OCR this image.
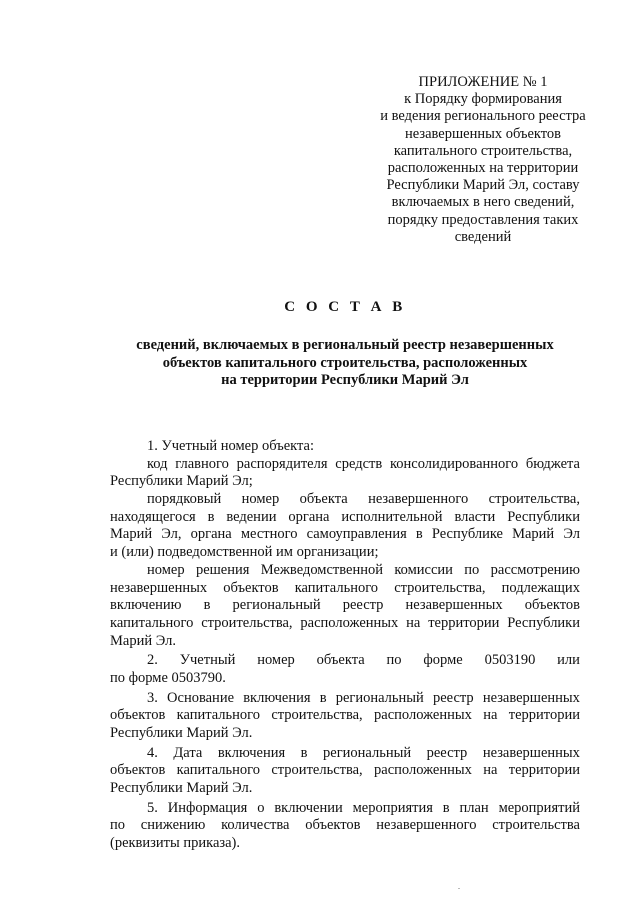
ПРИЛОЖЕНИЕ № 1
к Порядку формирования
и ведения регионального реестра
незавершенных объектов
капитального строительства,
расположенных на территории
Республики Марий Эл, составу
включаемых в него сведений,
порядку предоставления таких
сведений
С О С Т А В
сведений, включаемых в региональный реестр незавершенных
объектов капитального строительства, расположенных
на территории Республики Марий Эл
1. Учетный номер объекта:
код главного распорядителя средств консолидированного бюджета
Республики Марий Эл;
порядковый номер объекта незавершенного строительства,
находящегося в ведении органа исполнительной власти Республики
Марий Эл, органа местного самоуправления в Республике Марий Эл
и (или) подведомственной им организации;
номер решения Межведомственной комиссии по рассмотрению
незавершенных объектов капитального строительства, подлежащих
включению в региональный реестр незавершенных объектов
капитального строительства, расположенных на территории Республики
Марий Эл.
2. Учетный номер объекта по форме 0503190 или
по форме 0503790.
3. Основание включения в региональный реестр незавершенных
объектов капитального строительства, расположенных на территории
Республики Марий Эл.
4. Дата включения в региональный реестр незавершенных
объектов капитального строительства, расположенных на территории
Республики Марий Эл.
5. Информация о включении мероприятия в план мероприятий
по снижению количества объектов незавершенного строительства
(реквизиты приказа).
